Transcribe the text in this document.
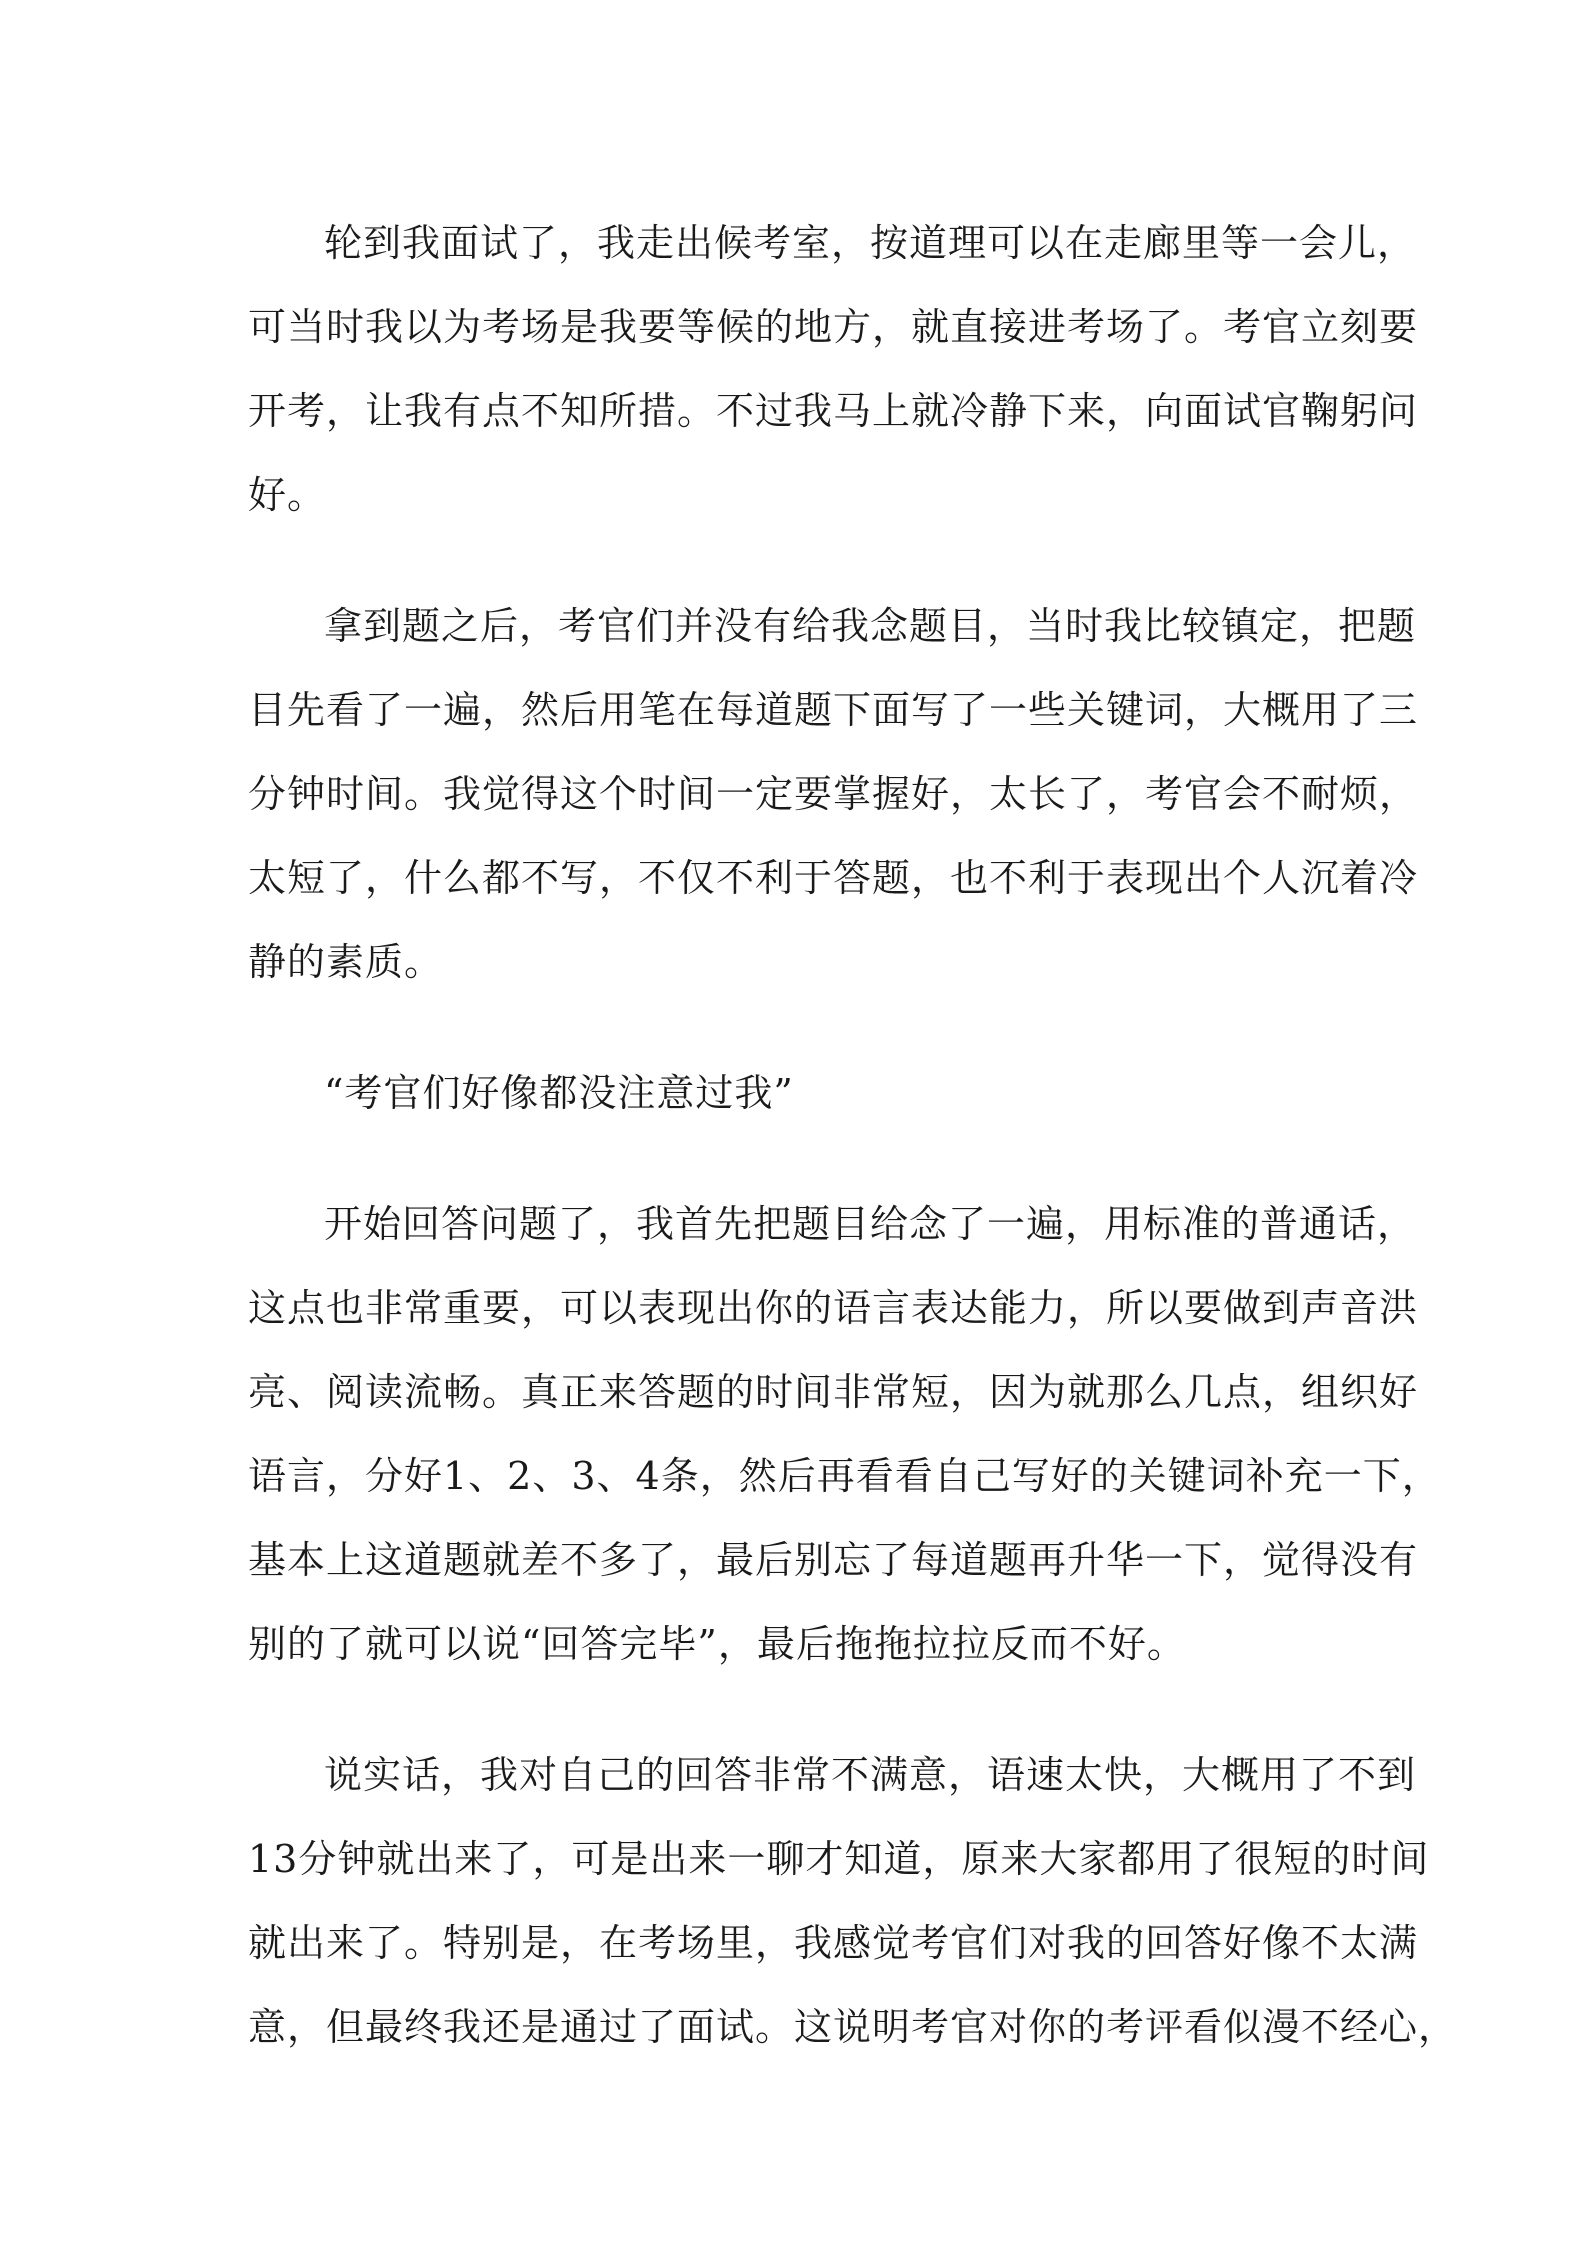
轮到我面试了，我走出候考室，按道理可以在走廊里等一会儿，
可当时我以为考场是我要等候的地方，就直接进考场了。考官立刻要
开考，让我有点不知所措。不过我马上就冷静下来，向面试官鞠躬问
好。
拿到题之后，考官们并没有给我念题目，当时我比较镇定，把题
目先看了一遍，然后用笔在每道题下面写了一些关键词，大概用了三
分钟时间。我觉得这个时间一定要掌握好，太长了，考官会不耐烦，
太短了，什么都不写，不仅不利于答题，也不利于表现出个人沉着冷
静的素质。
“考官们好像都没注意过我”
开始回答问题了，我首先把题目给念了一遍，用标准的普通话，
这点也非常重要，可以表现出你的语言表达能力，所以要做到声音洪
亮、阅读流畅。真正来答题的时间非常短，因为就那么几点，组织好
语言，分好1、2、3、4条，然后再看看自己写好的关键词补充一下，
基本上这道题就差不多了，最后别忘了每道题再升华一下，觉得没有
别的了就可以说“回答完毕”，最后拖拖拉拉反而不好。
说实话，我对自己的回答非常不满意，语速太快，大概用了不到
13分钟就出来了，可是出来一聊才知道，原来大家都用了很短的时间
就出来了。特别是，在考场里，我感觉考官们对我的回答好像不太满
意，但最终我还是通过了面试。这说明考官对你的考评看似漫不经心，
